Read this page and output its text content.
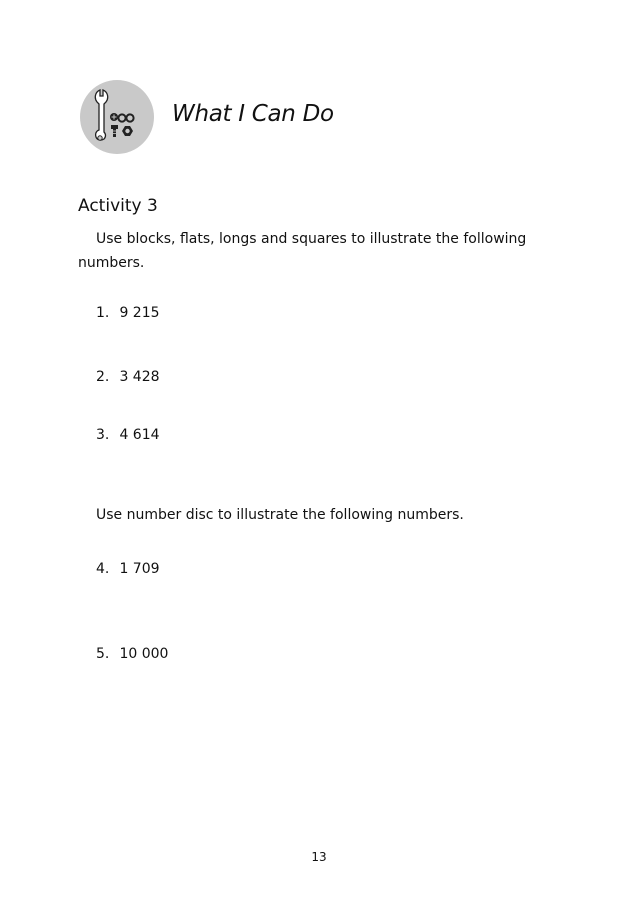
What I Can Do
Activity 3
Use blocks, flats, longs and squares to illustrate the following numbers.
1. 9 215
2. 3 428
3. 4 614
Use number disc to illustrate the following numbers.
4. 1 709
5. 10 000
13
